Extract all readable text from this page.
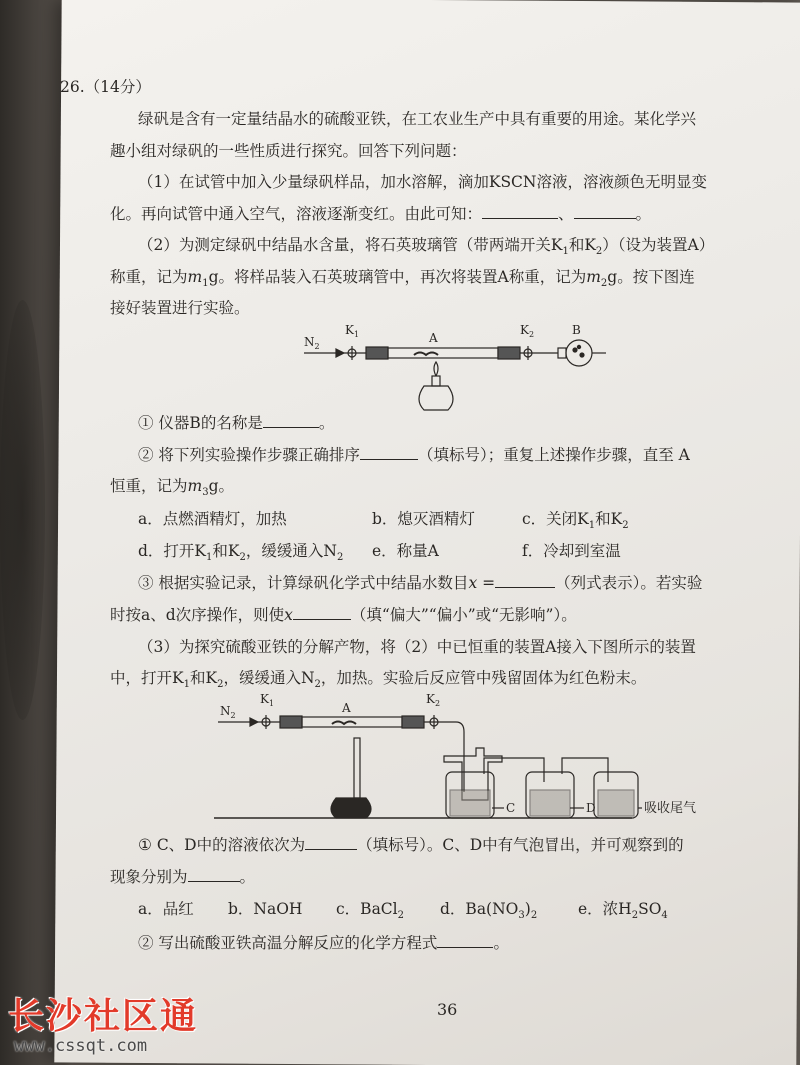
26.（14分）
绿矾是含有一定量结晶水的硫酸亚铁，在工农业生产中具有重要的用途。某化学兴
趣小组对绿矾的一些性质进行探究。回答下列问题：
（1）在试管中加入少量绿矾样品，加水溶解，滴加KSCN溶液，溶液颜色无明显变
化。再向试管中通入空气，溶液逐渐变红。由此可知：	、	。
（2）为测定绿矾中结晶水含量，将石英玻璃管（带两端开关$K_1$和$K_2$）（设为装置A）
称重，记为$m_1g$。将样品装入石英玻璃管中，再次将装置A称重，记为$m_2g$。按下图连
接好装置进行实验。
① 仪器B的名称是	。
② 将下列实验操作步骤正确排序	（填标号）；重复上述操作步骤，直至 A
恒重，记为$m_3g$。
a．点燃酒精灯，加热	b．熄灭酒精灯	c．关闭$K_1$和$K_2$
d．打开$K_1$和$K_2$，缓缓通入$N_2$ e．称量A	f．冷却到室温
③ 根据实验记录，计算绿矾化学式中结晶水数目x =	（列式表示）。若实验
时按a、d次序操作，则使x	（填“偏大”“偏小”或“无影响”）。
（3）为探究硫酸亚铁的分解产物，将（2）中已恒重的装置A接入下图所示的装置
中，打开$K_1$和$K_2$，缓缓通入$N_2$，加热。实验后反应管中残留固体为红色粉末。
① C、D中的溶液依次为	（填标号）。C、D中有气泡冒出，并可观察到的
现象分别为	。
a．品红 b．NaOH c．BaCl$_2$ d．$Ba(NO_3)_2$	e．浓$H_2SO_4$
② 写出硫酸亚铁高温分解反应的化学方程式	。
$N_2$
$K_1$	A
$K_2$	B
$N_2$
$K_1$	A
$K_2$
C	D	吸收尾气
36
长沙社区通
www.cssqt.com
